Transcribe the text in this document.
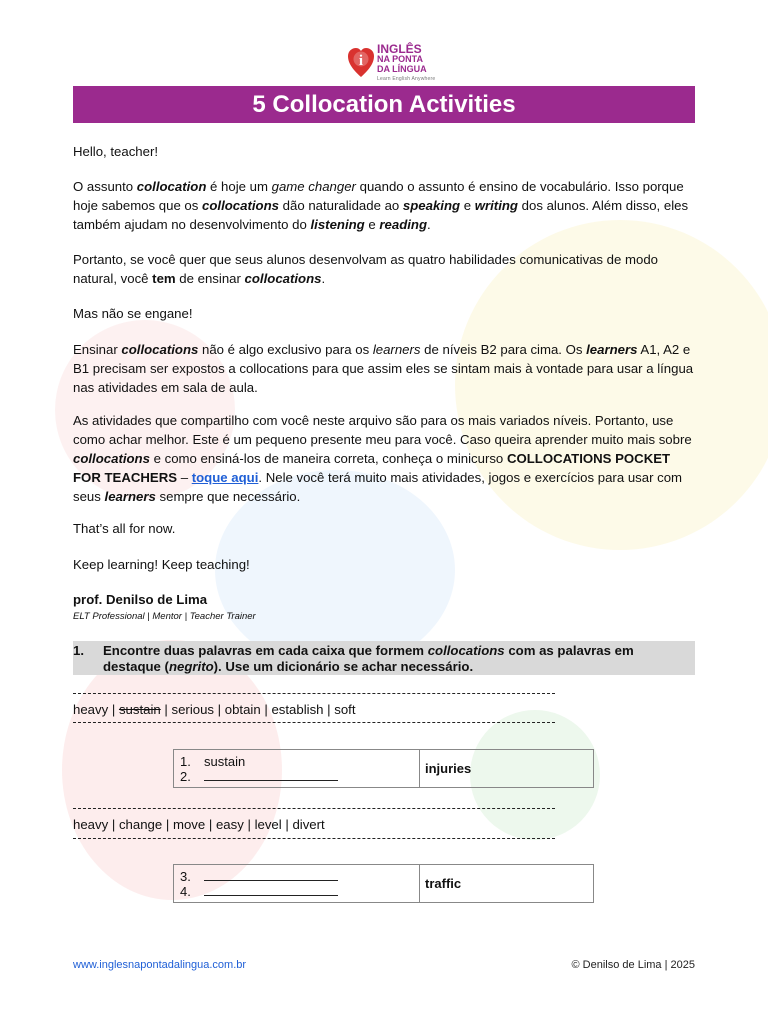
i
INGLÊS
NA PONTA
DA LÍNGUA
Learn English Anywhere
5 Collocation Activities

Hello, teacher!

O assunto collocation é hoje um game changer quando o assunto é ensino de vocabulário. Isso porque hoje sabemos que os collocations dão naturalidade ao speaking e writing dos alunos. Além disso, eles também ajudam no desenvolvimento do listening e reading.

Portanto, se você quer que seus alunos desenvolvam as quatro habilidades comunicativas de modo natural, você tem de ensinar collocations.

Mas não se engane!

Ensinar collocations não é algo exclusivo para os learners de níveis B2 para cima. Os learners A1, A2 e B1 precisam ser expostos a collocations para que assim eles se sintam mais à vontade para usar a língua nas atividades em sala de aula.

As atividades que compartilho com você neste arquivo são para os mais variados níveis. Portanto, use como achar melhor. Este é um pequeno presente meu para você. Caso queira aprender muito mais sobre collocations e como ensiná-los de maneira correta, conheça o minicurso COLLOCATIONS POCKET FOR TEACHERS – toque aqui. Nele você terá muito mais atividades, jogos e exercícios para usar com seus learners sempre que necessário.

That’s all for now.

Keep learning! Keep teaching!

prof. Denilso de Lima
ELT Professional | Mentor | Teacher Trainer
1. Encontre duas palavras em cada caixa que formem collocations com as palavras em destaque (negrito). Use um dicionário se achar necessário.
heavy | sustain | serious | obtain | establish | soft
1. sustain
2.	injuries
heavy | change | move | easy | level | divert
3.
4.	traffic
www.inglesnapontadalingua.com.br	© Denilso de Lima | 2025
